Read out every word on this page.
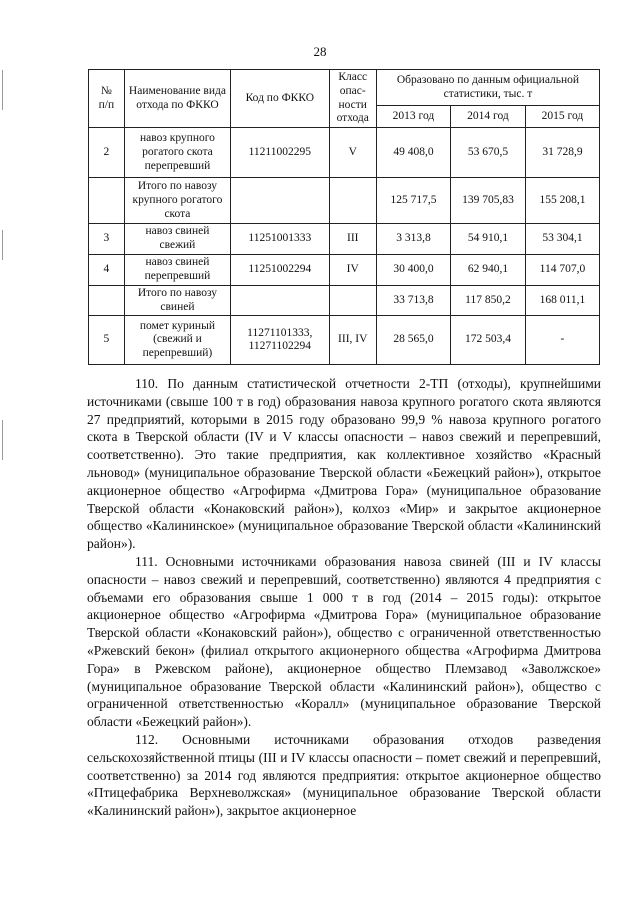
28
№
п/п	Наименование вида отхода по ФККО	Код по ФККО	Класс опас-ности отхода	Образовано по данным официальной статистики, тыс. т		
				2013 год	2014 год	2015 год
2	навоз крупного рогатого скота перепревший	11211002295	V	49 408,0	53 670,5	31 728,9
	Итого по навозу крупного рогатого скота			125 717,5	139 705,83	155 208,1
3	навоз свиней свежий	11251001333	III	3 313,8	54 910,1	53 304,1
4	навоз свиней перепревший	11251002294	IV	30 400,0	62 940,1	114 707,0
	Итого по навозу свиней			33 713,8	117 850,2	168 011,1
5	помет куриный (свежий и перепревший)	11271101333, 11271102294	III, IV	28 565,0	172 503,4	-

110. По данным статистической отчетности 2-ТП (отходы), крупнейшими источниками (свыше 100 т в год) образования навоза крупного рогатого скота являются 27 предприятий, которыми в 2015 году образовано 99,9 % навоза крупного рогатого скота в Тверской области (IV и V классы опасности – навоз свежий и перепревший, соответственно). Это такие предприятия, как коллективное хозяйство «Красный льновод» (муниципальное образование Тверской области «Бежецкий район»), открытое акционерное общество «Агрофирма «Дмитрова Гора» (муниципальное образование Тверской области «Конаковский район»), колхоз «Мир» и закрытое акционерное общество «Калининское» (муниципальное образование Тверской области «Калининский район»).

111. Основными источниками образования навоза свиней (III и IV классы опасности – навоз свежий и перепревший, соответственно) являются 4 предприятия с объемами его образования свыше 1 000 т в год (2014 – 2015 годы): открытое акционерное общество «Агрофирма «Дмитрова Гора» (муниципальное образование Тверской области «Конаковский район»), общество с ограниченной ответственностью «Ржевский бекон» (филиал открытого акционерного общества «Агрофирма Дмитрова Гора» в Ржевском районе), акционерное общество Племзавод «Заволжское» (муниципальное образование Тверской области «Калининский район»), общество с ограниченной ответственностью «Коралл» (муниципальное образование Тверской области «Бежецкий район»).

112. Основными источниками образования отходов разведения сельскохозяйственной птицы (III и IV классы опасности – помет свежий и перепревший, соответственно) за 2014 год являются предприятия: открытое акционерное общество «Птицефабрика Верхневолжская» (муниципальное образование Тверской области «Калининский район»), закрытое акционерное
